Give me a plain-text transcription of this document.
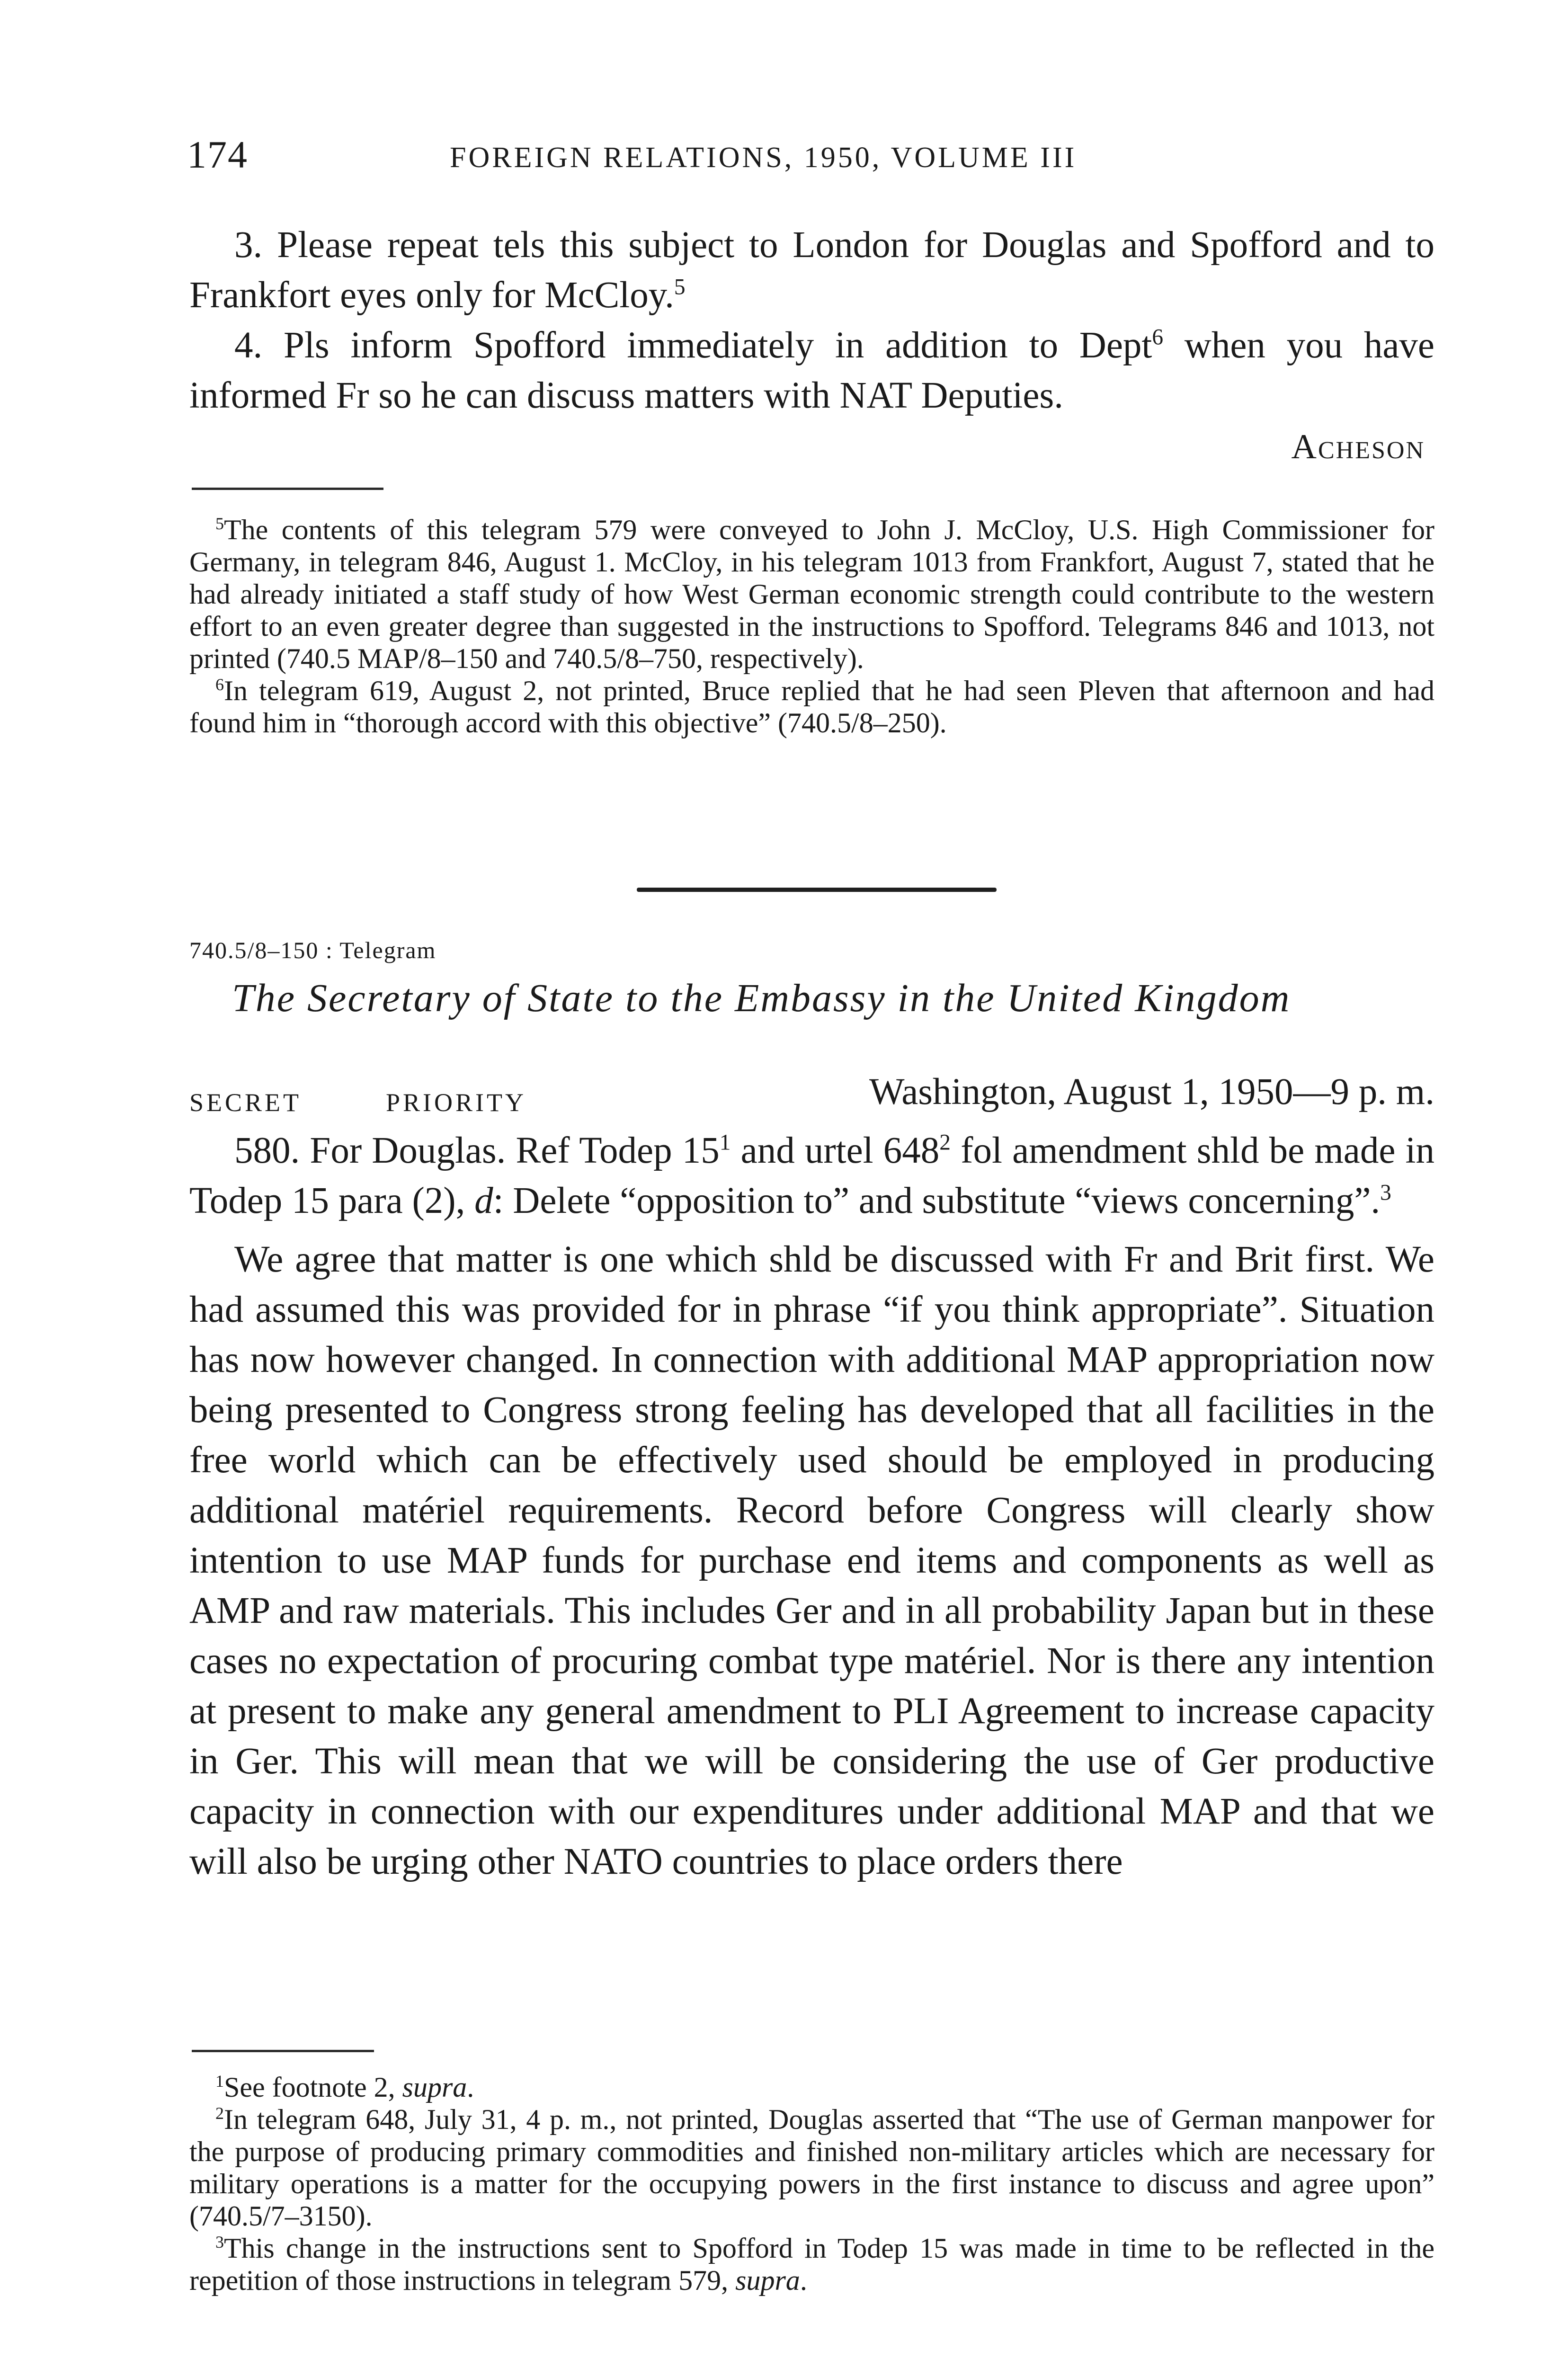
174	FOREIGN RELATIONS, 1950, VOLUME III

3. Please repeat tels this subject to London for Douglas and Spofford and to Frankfort eyes only for McCloy.$^5$

4. Pls inform Spofford immediately in addition to Dept$^6$ when you have informed Fr so he can discuss matters with NAT Deputies.

Acheson

$^5$The contents of this telegram 579 were conveyed to John J. McCloy, U.S. High Commissioner for Germany, in telegram 846, August 1. McCloy, in his telegram 1013 from Frankfort, August 7, stated that he had already initiated a staff study of how West German economic strength could contribute to the western effort to an even greater degree than suggested in the instructions to Spofford. Telegrams 846 and 1013, not printed (740.5 MAP/8–150 and 740.5/8–750, respectively).

$^6$In telegram 619, August 2, not printed, Bruce replied that he had seen Pleven that afternoon and had found him in “thorough accord with this objective” (740.5/8–250).

740.5/8–150 : Telegram
The Secretary of State to the Embassy in the United Kingdom
SECRET	PRIORITY	Washington, August 1, 1950—9 p. m.

580. For Douglas. Ref Todep $15^1$ and urtel $648^2$ fol amendment shld be made in Todep 15 para (2), d: Delete “opposition to” and substitute “views concerning”.$^3$

We agree that matter is one which shld be discussed with Fr and Brit first. We had assumed this was provided for in phrase “if you think appropriate”. Situation has now however changed. In connection with additional MAP appropriation now being presented to Congress strong feeling has developed that all facilities in the free world which can be effectively used should be employed in producing additional matériel requirements. Record before Congress will clearly show intention to use MAP funds for purchase end items and components as well as AMP and raw materials. This includes Ger and in all probability Japan but in these cases no expectation of procuring combat type matériel. Nor is there any intention at present to make any general amendment to PLI Agreement to increase capacity in Ger. This will mean that we will be considering the use of Ger productive capacity in connection with our expenditures under additional MAP and that we will also be urging other NATO countries to place orders there

$^1$See footnote 2, supra.

$^2$In telegram 648, July 31, 4 p. m., not printed, Douglas asserted that “The use of German manpower for the purpose of producing primary commodities and finished non-military articles which are necessary for military operations is a matter for the occupying powers in the first instance to discuss and agree upon” (740.5/7–3150).

$^3$This change in the instructions sent to Spofford in Todep 15 was made in time to be reflected in the repetition of those instructions in telegram 579, supra.
